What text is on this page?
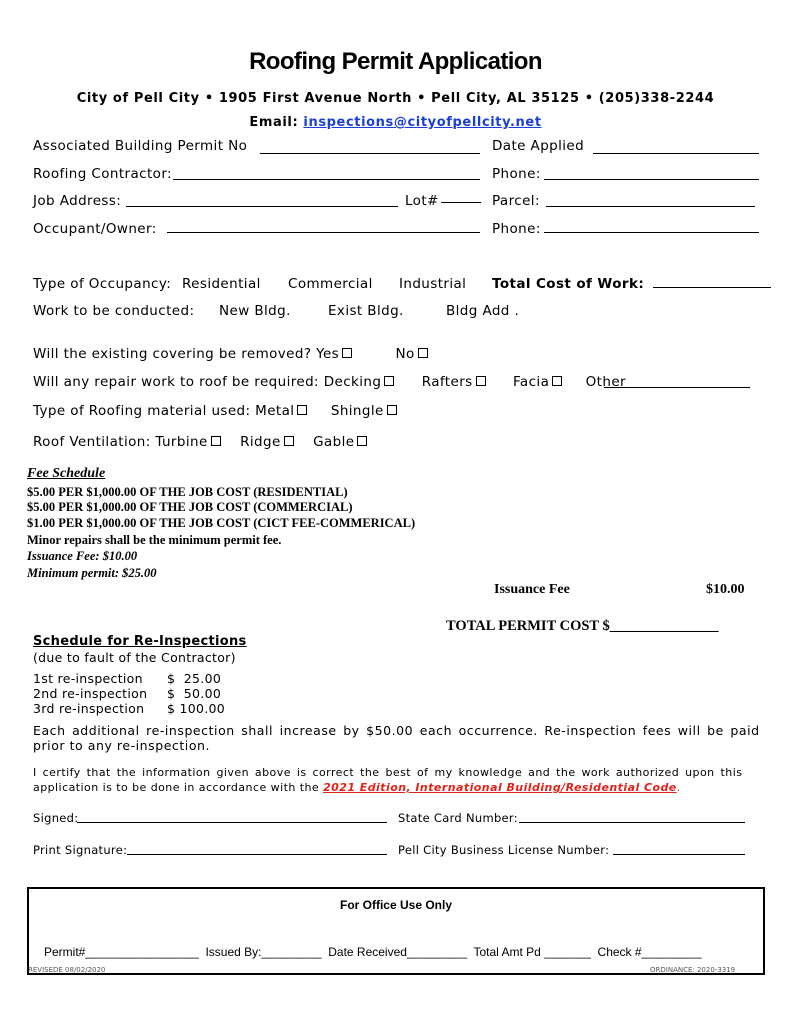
Roofing Permit Application
City of Pell City • 1905 First Avenue North • Pell City, AL 35125 • (205)338-2244
Email: inspections@cityofpellcity.net
Associated Building Permit No	Date Applied
Roofing Contractor:	Phone:
Job Address:	Lot#	Parcel:
Occupant/Owner:	Phone:
Type of Occupancy: Residential Commercial Industrial Total Cost of Work:
Work to be conducted: New Bldg.	Exist Bldg.	Bldg Add .
Will the existing covering be removed? Yes	No
Will any repair work to roof be required: Decking	Rafters	Facia	Other
Type of Roofing material used: Metal	Shingle
Roof Ventilation: Turbine Ridge Gable
Fee Schedule
$5.00 PER $1,000.00 OF THE JOB COST (RESIDENTIAL)
$5.00 PER $1,000.00 OF THE JOB COST (COMMERCIAL)
$1.00 PER $1,000.00 OF THE JOB COST (CICT FEE-COMMERICAL)
Minor repairs shall be the minimum permit fee.
Issuance Fee: $10.00
Minimum permit: $25.00
Issuance Fee	$10.00
TOTAL PERMIT COST $_______________
Schedule for Re-Inspections
(due to fault of the Contractor)
1st re-inspection $  25.00
2nd re-inspection $  50.00
3rd re-inspection $ 100.00
Each additional re-inspection shall increase by $50.00 each occurrence. Re-inspection fees will be paid
prior to any re-inspection.
I certify that the information given above is correct the best of my knowledge and the work authorized upon this
application is to be done in accordance with the 2021 Edition, International Building/Residential Code.
Signed:	State Card Number:
Print Signature:	Pell City Business License Number:
For Office Use Only
Permit#_________________  Issued By:_________  Date Received_________  Total Amt Pd _______  Check #_________
REVISEDE 08/02/2020	ORDINANCE: 2020-3319
